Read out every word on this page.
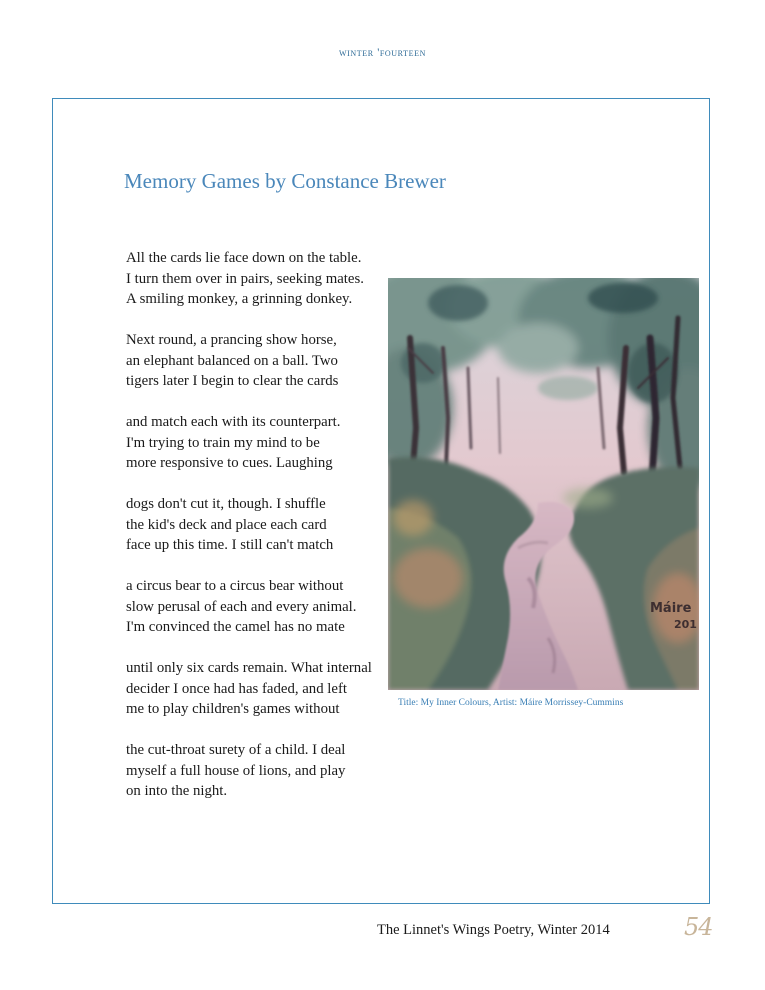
winter 'fourteen
Memory Games by Constance Brewer
All the cards lie face down on the table.
I turn them over in pairs, seeking mates.
A smiling monkey, a grinning donkey.
Next round, a prancing show horse,
an elephant balanced on a ball. Two
tigers later I begin to clear the cards
and match each with its counterpart.
I'm trying to train my mind to be
more responsive to cues. Laughing
dogs don't cut it, though. I shuffle
the kid's deck and place each card
face up this time. I still can't match
a circus bear to a circus bear without
slow perusal of each and every animal.
I'm convinced the camel has no mate
until only six cards remain. What internal
decider I once had has faded, and left
me to play children's games without
the cut-throat surety of a child. I deal
myself a full house of lions, and play
on into the night.
Máire
201
Title: My Inner Colours, Artist: Máire Morrissey-Cummins
The Linnet's Wings Poetry, Winter 2014	54
